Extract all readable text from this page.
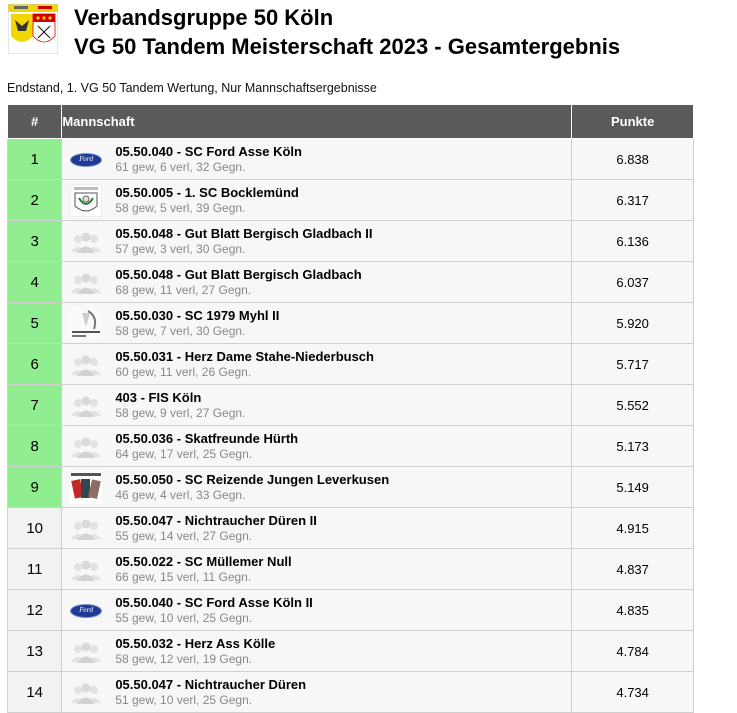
Verbandsgruppe 50 Köln
VG 50 Tandem Meisterschaft 2023 - Gesamtergebnis
Endstand, 1. VG 50 Tandem Wertung, Nur Mannschaftsergebnisse
#	Mannschaft	Punkte
1	Ford
05.50.040 - SC Ford Asse Köln
61 gew, 6 verl, 32 Gegn.	6.838
2	05.50.005 - 1. SC Bocklemünd
58 gew, 5 verl, 39 Gegn.	6.317
3	05.50.048 - Gut Blatt Bergisch Gladbach II
57 gew, 3 verl, 30 Gegn.	6.136
4	05.50.048 - Gut Blatt Bergisch Gladbach
68 gew, 11 verl, 27 Gegn.	6.037
5	05.50.030 - SC 1979 Myhl II
58 gew, 7 verl, 30 Gegn.	5.920
6	05.50.031 - Herz Dame Stahe-Niederbusch
60 gew, 11 verl, 26 Gegn.	5.717
7	403 - FIS Köln
58 gew, 9 verl, 27 Gegn.	5.552
8	05.50.036 - Skatfreunde Hürth
64 gew, 17 verl, 25 Gegn.	5.173
9	05.50.050 - SC Reizende Jungen Leverkusen
46 gew, 4 verl, 33 Gegn.	5.149
10	05.50.047 - Nichtraucher Düren II
55 gew, 14 verl, 27 Gegn.	4.915
11	05.50.022 - SC Müllemer Null
66 gew, 15 verl, 11 Gegn.	4.837
12	Ford
05.50.040 - SC Ford Asse Köln II
55 gew, 10 verl, 25 Gegn.	4.835
13	05.50.032 - Herz Ass Kölle
58 gew, 12 verl, 19 Gegn.	4.784
14	05.50.047 - Nichtraucher Düren
51 gew, 10 verl, 25 Gegn.	4.734
